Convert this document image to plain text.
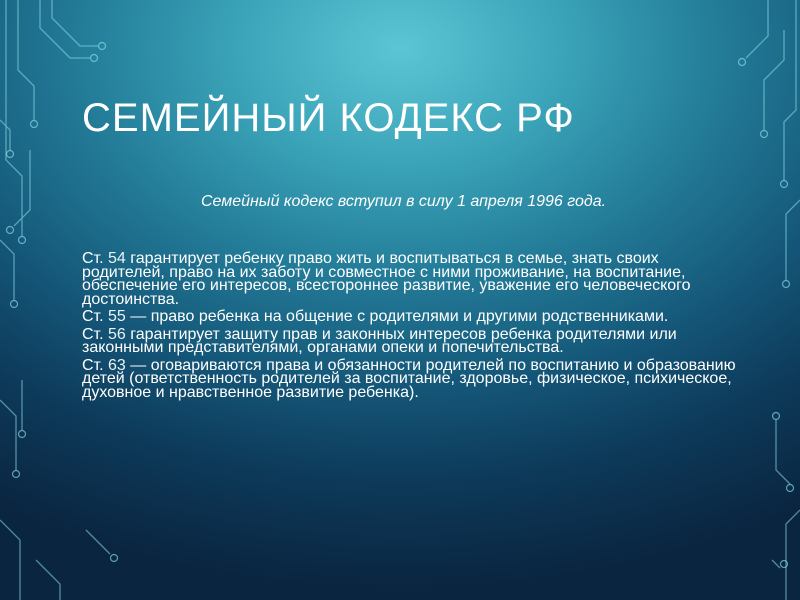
СЕМЕЙНЫЙ КОДЕКС РФ

Семейный кодекс вступил в силу 1 апреля 1996 года.

Ст. 54 гарантирует ребенку право жить и воспитываться в семье, знать своих родителей, право на их заботу и совместное с ними проживание, на воспитание, обеспечение его интересов, всестороннее развитие, уважение его человеческого достоинства.

Ст. 55 — право ребенка на общение с родителями и другими родственниками.

Ст. 56 гарантирует защиту прав и законных интересов ребенка родителями или законными представителями, органами опеки и попечительства.

Ст. 63 — оговариваются права и обязанности родителей по воспитанию и образованию детей (ответственность родителей за воспитание, здоровье, физическое, психическое, духовное и нравственное развитие ребенка).
